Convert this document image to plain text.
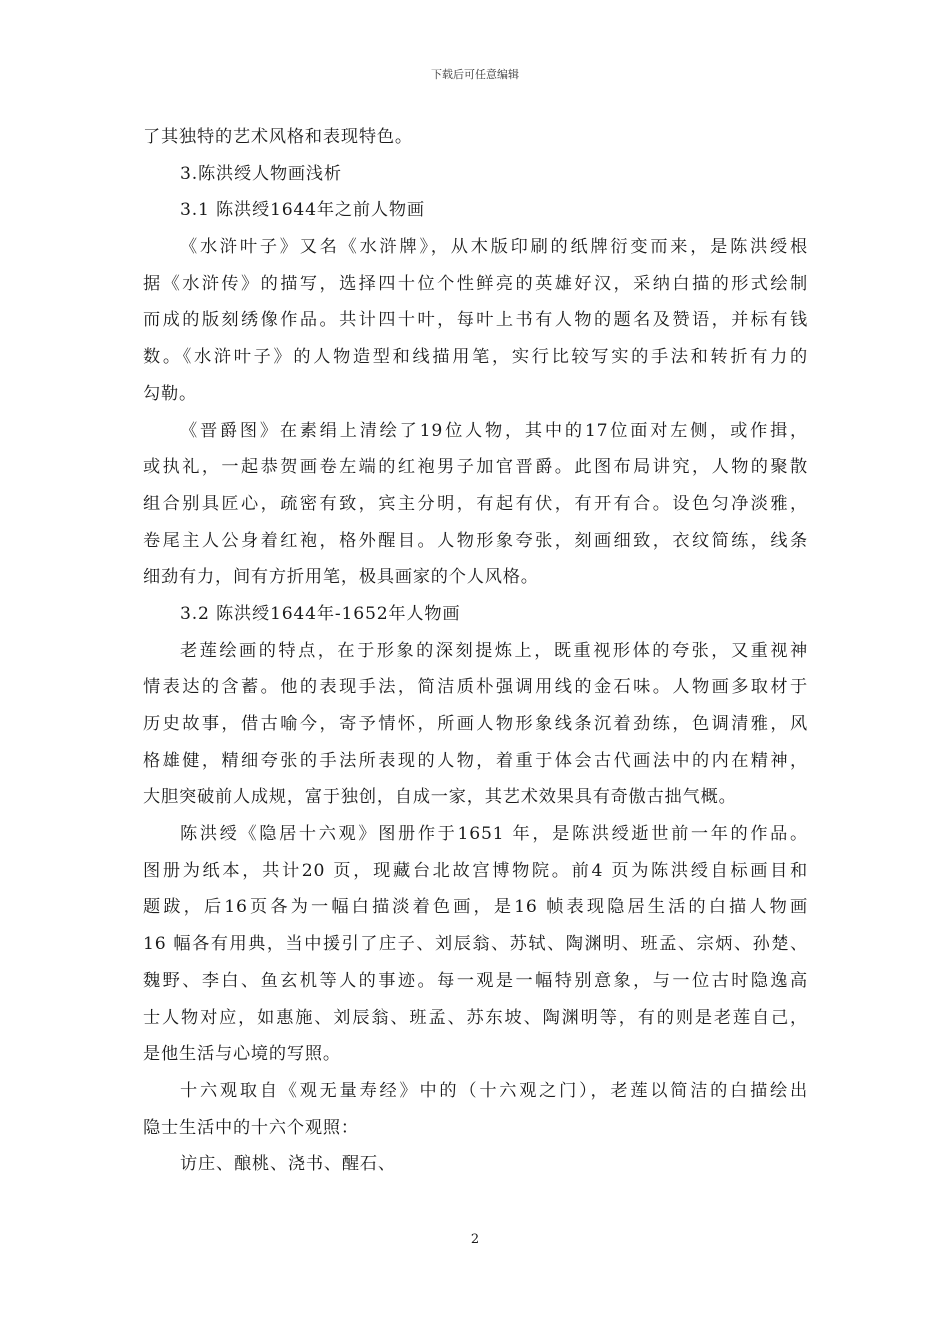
下载后可任意编辑
了其独特的艺术风格和表现特色。
3.陈洪绶人物画浅析
3.1 陈洪绶1644年之前人物画
《水浒叶子》又名《水浒牌》，从木版印刷的纸牌衍变而来，是陈洪绶根
据《水浒传》的描写，选择四十位个性鲜亮的英雄好汉，采纳白描的形式绘制
而成的版刻绣像作品。共计四十叶，每叶上书有人物的题名及赞语，并标有钱
数。《水浒叶子》的人物造型和线描用笔，实行比较写实的手法和转折有力的
勾勒。
《晋爵图》在素绢上清绘了19位人物，其中的17位面对左侧，或作揖，
或执礼，一起恭贺画卷左端的红袍男子加官晋爵。此图布局讲究，人物的聚散
组合别具匠心，疏密有致，宾主分明，有起有伏，有开有合。设色匀净淡雅，
卷尾主人公身着红袍，格外醒目。人物形象夸张，刻画细致，衣纹简练，线条
细劲有力，间有方折用笔，极具画家的个人风格。
3.2 陈洪绶1644年-1652年人物画
老莲绘画的特点，在于形象的深刻提炼上，既重视形体的夸张，又重视神
情表达的含蓄。他的表现手法，简洁质朴强调用线的金石味。人物画多取材于
历史故事，借古喻今，寄予情怀，所画人物形象线条沉着劲练，色调清雅，风
格雄健，精细夸张的手法所表现的人物，着重于体会古代画法中的内在精神，
大胆突破前人成规，富于独创，自成一家，其艺术效果具有奇傲古拙气概。
陈洪绶《隐居十六观》图册作于1651 年，是陈洪绶逝世前一年的作品。
图册为纸本，共计20 页，现藏台北故宫博物院。前4 页为陈洪绶自标画目和
题跋，后16页各为一幅白描淡着色画，是16 帧表现隐居生活的白描人物画
16 幅各有用典，当中援引了庄子、刘辰翁、苏轼、陶渊明、班孟、宗炳、孙楚、
魏野、李白、鱼玄机等人的事迹。每一观是一幅特别意象，与一位古时隐逸高
士人物对应，如惠施、刘辰翁、班孟、苏东坡、陶渊明等，有的则是老莲自己，
是他生活与心境的写照。
十六观取自《观无量寿经》中的（十六观之门），老莲以简洁的白描绘出
隐士生活中的十六个观照：
访庄、酿桃、浇书、醒石、
2
